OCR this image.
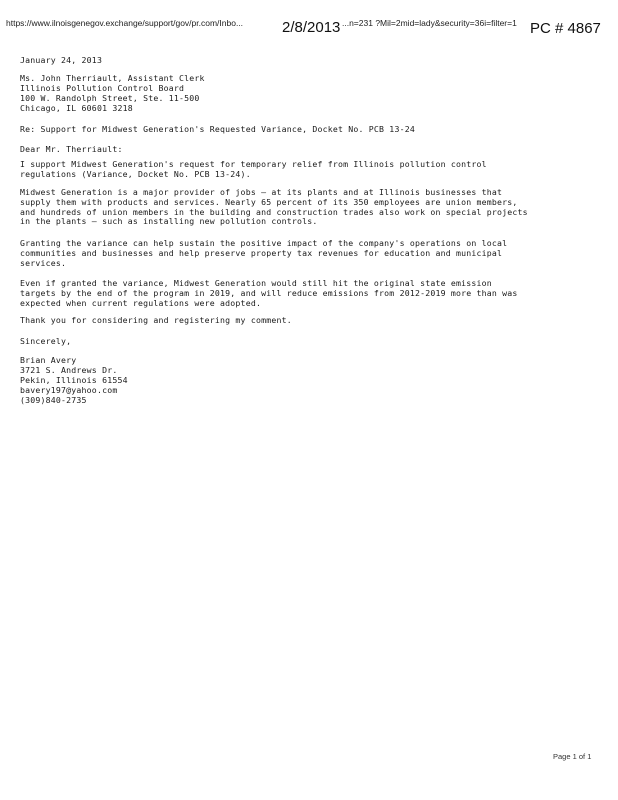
https://www.ilnoisgenegov.exchange/support/gov/pr.com/Inbo...	2/8/2013 ...n=231 ?Mil=2mid=lady&security=36i=filter=1 PC # 4867
January 24, 2013
Ms. John Therriault, Assistant Clerk
Illinois Pollution Control Board
100 W. Randolph Street, Ste. 11-500
Chicago, IL 60601 3218
Re: Support for Midwest Generation's Requested Variance, Docket No. PCB 13-24
Dear Mr. Therriault:
I support Midwest Generation's request for temporary relief from Illinois pollution control
regulations (Variance, Docket No. PCB 13-24).
Midwest Generation is a major provider of jobs — at its plants and at Illinois businesses that
supply them with products and services. Nearly 65 percent of its 350 employees are union members,
and hundreds of union members in the building and construction trades also work on special projects
in the plants — such as installing new pollution controls.
Granting the variance can help sustain the positive impact of the company's operations on local
communities and businesses and help preserve property tax revenues for education and municipal
services.
Even if granted the variance, Midwest Generation would still hit the original state emission
targets by the end of the program in 2019, and will reduce emissions from 2012-2019 more than was
expected when current regulations were adopted.
Thank you for considering and registering my comment.
Sincerely,
Brian Avery
3721 S. Andrews Dr.
Pekin, Illinois 61554
bavery197@yahoo.com
(309)840-2735
Page 1 of 1
